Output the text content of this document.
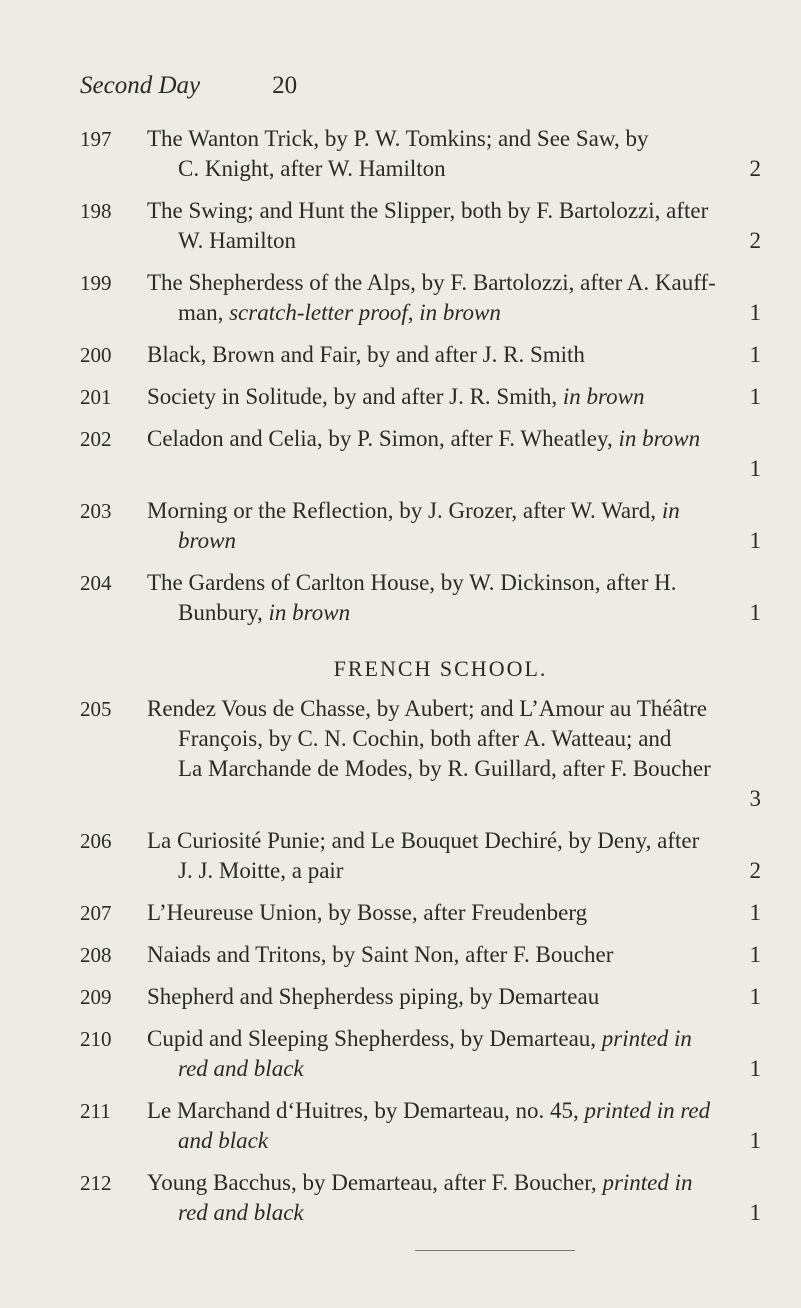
Second Day	20
197	The Wanton Trick, by P. W. Tomkins; and See Saw, by
C. Knight, after W. Hamilton	2
198	The Swing; and Hunt the Slipper, both by F. Bartolozzi, after
W. Hamilton	2
199	The Shepherdess of the Alps, by F. Bartolozzi, after A. Kauff-
man, scratch-letter proof, in brown	1
200	Black, Brown and Fair, by and after J. R. Smith	1
201	Society in Solitude, by and after J. R. Smith, in brown	1
202	Celadon and Celia, by P. Simon, after F. Wheatley, in brown
1
203	Morning or the Reflection, by J. Grozer, after W. Ward, in
brown	1
204	The Gardens of Carlton House, by W. Dickinson, after H.
Bunbury, in brown	1
FRENCH SCHOOL.
205	Rendez Vous de Chasse, by Aubert; and L’Amour au Théâtre
François, by C. N. Cochin, both after A. Watteau; and
La Marchande de Modes, by R. Guillard, after F. Boucher
3
206	La Curiosité Punie; and Le Bouquet Dechiré, by Deny, after
J. J. Moitte, a pair	2
207	L’Heureuse Union, by Bosse, after Freudenberg	1
208	Naiads and Tritons, by Saint Non, after F. Boucher	1
209	Shepherd and Shepherdess piping, by Demarteau	1
210	Cupid and Sleeping Shepherdess, by Demarteau, printed in
red and black	1
211	Le Marchand d‘Huitres, by Demarteau, no. 45, printed in red
and black	1
212	Young Bacchus, by Demarteau, after F. Boucher, printed in
red and black	1
